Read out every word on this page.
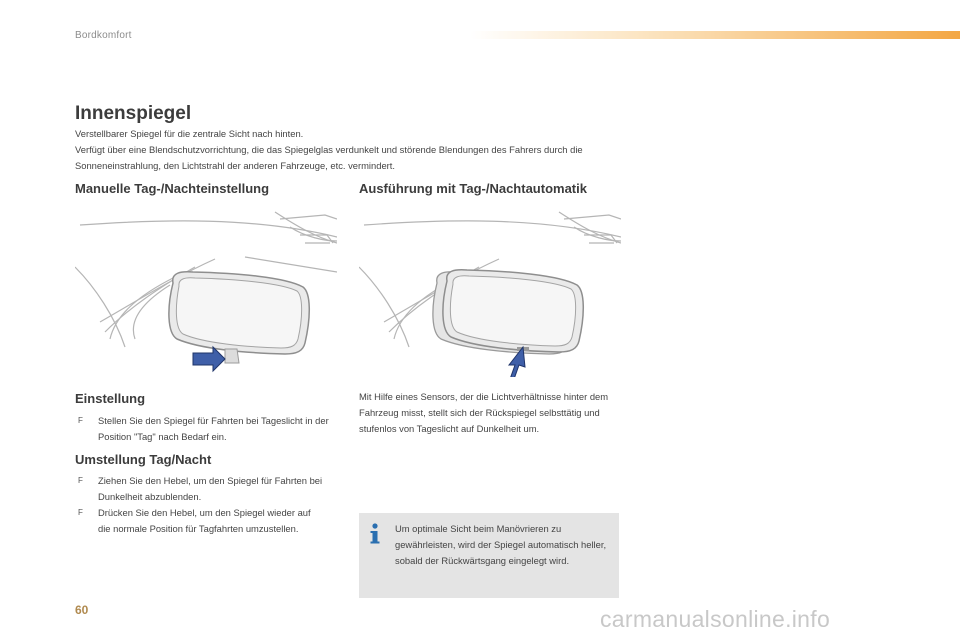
Bordkomfort
Innenspiegel

Verstellbarer Spiegel für die zentrale Sicht nach hinten.

Verfügt über eine Blendschutzvorrichtung, die das Spiegelglas verdunkelt und störende Blendungen des Fahrers durch die Sonneneinstrahlung, den Lichtstrahl der anderen Fahrzeuge, etc. vermindert.

Manuelle Tag-/Nachteinstellung	Ausführung mit Tag-/Nachtautomatik
Einstellung
F Stellen Sie den Spiegel für Fahrten bei Tageslicht in der Position "Tag" nach Bedarf ein.
Umstellung Tag/Nacht
F Ziehen Sie den Hebel, um den Spiegel für Fahrten bei Dunkelheit abzublenden.
F Drücken Sie den Hebel, um den Spiegel wieder auf die normale Position für Tagfahrten umzustellen.
Mit Hilfe eines Sensors, der die Lichtverhältnisse hinter dem Fahrzeug misst, stellt sich der Rückspiegel selbsttätig und stufenlos von Tageslicht auf Dunkelheit um.
Um optimale Sicht beim Manövrieren zu gewährleisten, wird der Spiegel automatisch heller, sobald der Rückwärtsgang eingelegt wird.
60	carmanualsonline.info
